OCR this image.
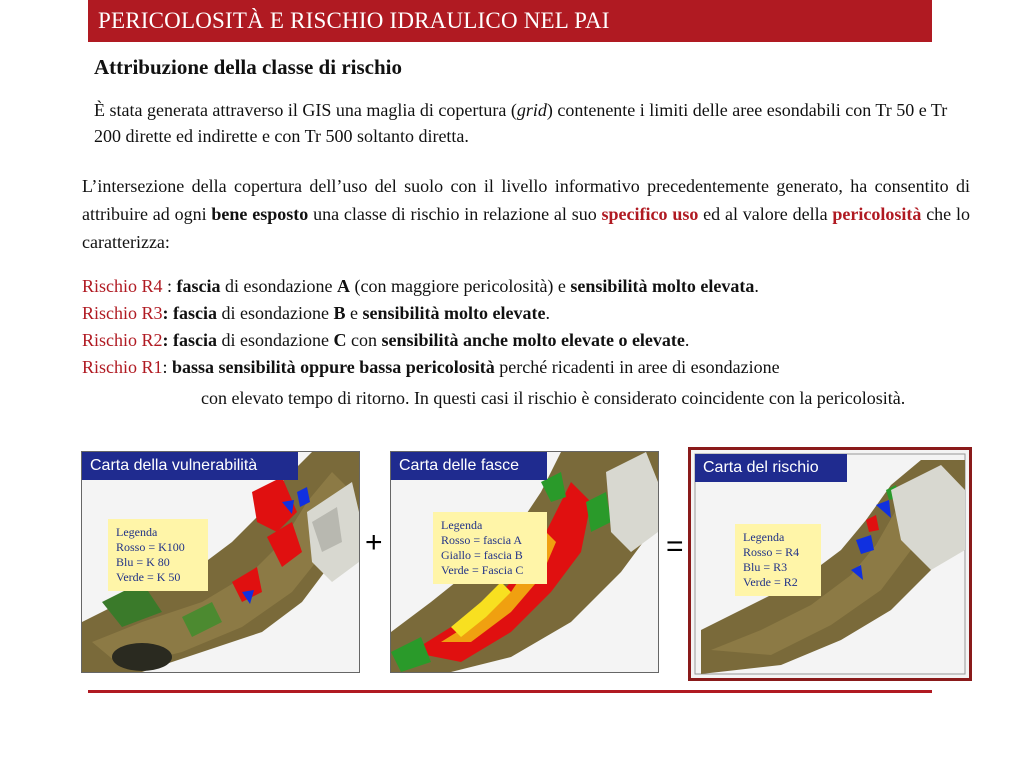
PERICOLOSITÀ E RISCHIO IDRAULICO NEL PAI
Attribuzione della classe di rischio
È stata generata attraverso il GIS una maglia di copertura (grid) contenente i limiti delle aree esondabili con Tr 50 e Tr 200 dirette ed indirette e con Tr 500 soltanto diretta.
L’intersezione della copertura dell’uso del suolo con il livello informativo precedentemente generato, ha consentito di attribuire ad ogni bene esposto una classe di rischio in relazione al suo specifico uso ed al valore della pericolosità che lo caratterizza:
Rischio R4 : fascia di esondazione A (con maggiore pericolosità) e sensibilità molto elevata.
Rischio R3: fascia di esondazione B e sensibilità molto elevate.
Rischio R2: fascia di esondazione C con sensibilità anche molto elevate o elevate.
Rischio R1: bassa sensibilità oppure bassa pericolosità perché ricadenti in aree di esondazione
con elevato tempo di ritorno. In questi casi il rischio è considerato coincidente con la pericolosità.
Carta della vulnerabilità
Legenda
Rosso = K100
Blu = K 80
Verde = K 50
+
Carta delle fasce
Legenda
Rosso = fascia A
Giallo = fascia B
Verde = Fascia C
=
Carta del rischio
Legenda
Rosso = R4
Blu = R3
Verde = R2
